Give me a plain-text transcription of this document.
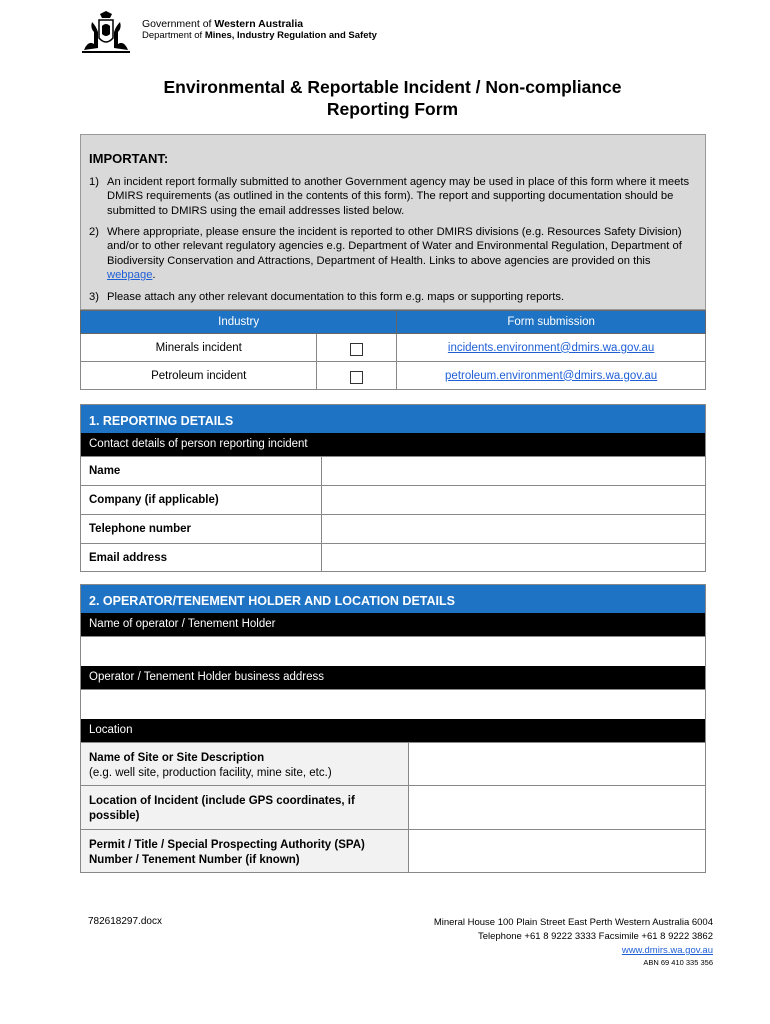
Government of Western Australia
Department of Mines, Industry Regulation and Safety
Environmental & Reportable Incident / Non-compliance
Reporting Form
IMPORTANT:
1) An incident report formally submitted to another Government agency may be used in place of this form where it meets DMIRS requirements (as outlined in the contents of this form). The report and supporting documentation should be submitted to DMIRS using the email addresses listed below.
2) Where appropriate, please ensure the incident is reported to other DMIRS divisions (e.g. Resources Safety Division) and/or to other relevant regulatory agencies e.g. Department of Water and Environmental Regulation, Department of Biodiversity Conservation and Attractions, Department of Health. Links to above agencies are provided on this webpage.
3) Please attach any other relevant documentation to this form e.g. maps or supporting reports.
Industry		Form submission
Minerals incident		incidents.environment@dmirs.wa.gov.au
Petroleum incident		petroleum.environment@dmirs.wa.gov.au
1. REPORTING DETAILS
Contact details of person reporting incident
Name
Company (if applicable)
Telephone number
Email address
2. OPERATOR/TENEMENT HOLDER AND LOCATION DETAILS
Name of operator / Tenement Holder
Operator / Tenement Holder business address
Location
Name of Site or Site Description
(e.g. well site, production facility, mine site, etc.)
Location of Incident (include GPS coordinates, if possible)
Permit / Title / Special Prospecting Authority (SPA) Number / Tenement Number (if known)
782618297.docx	Mineral House 100 Plain Street East Perth Western Australia 6004
Telephone +61 8 9222 3333 Facsimile +61 8 9222 3862
www.dmirs.wa.gov.au
ABN 69 410 335 356
